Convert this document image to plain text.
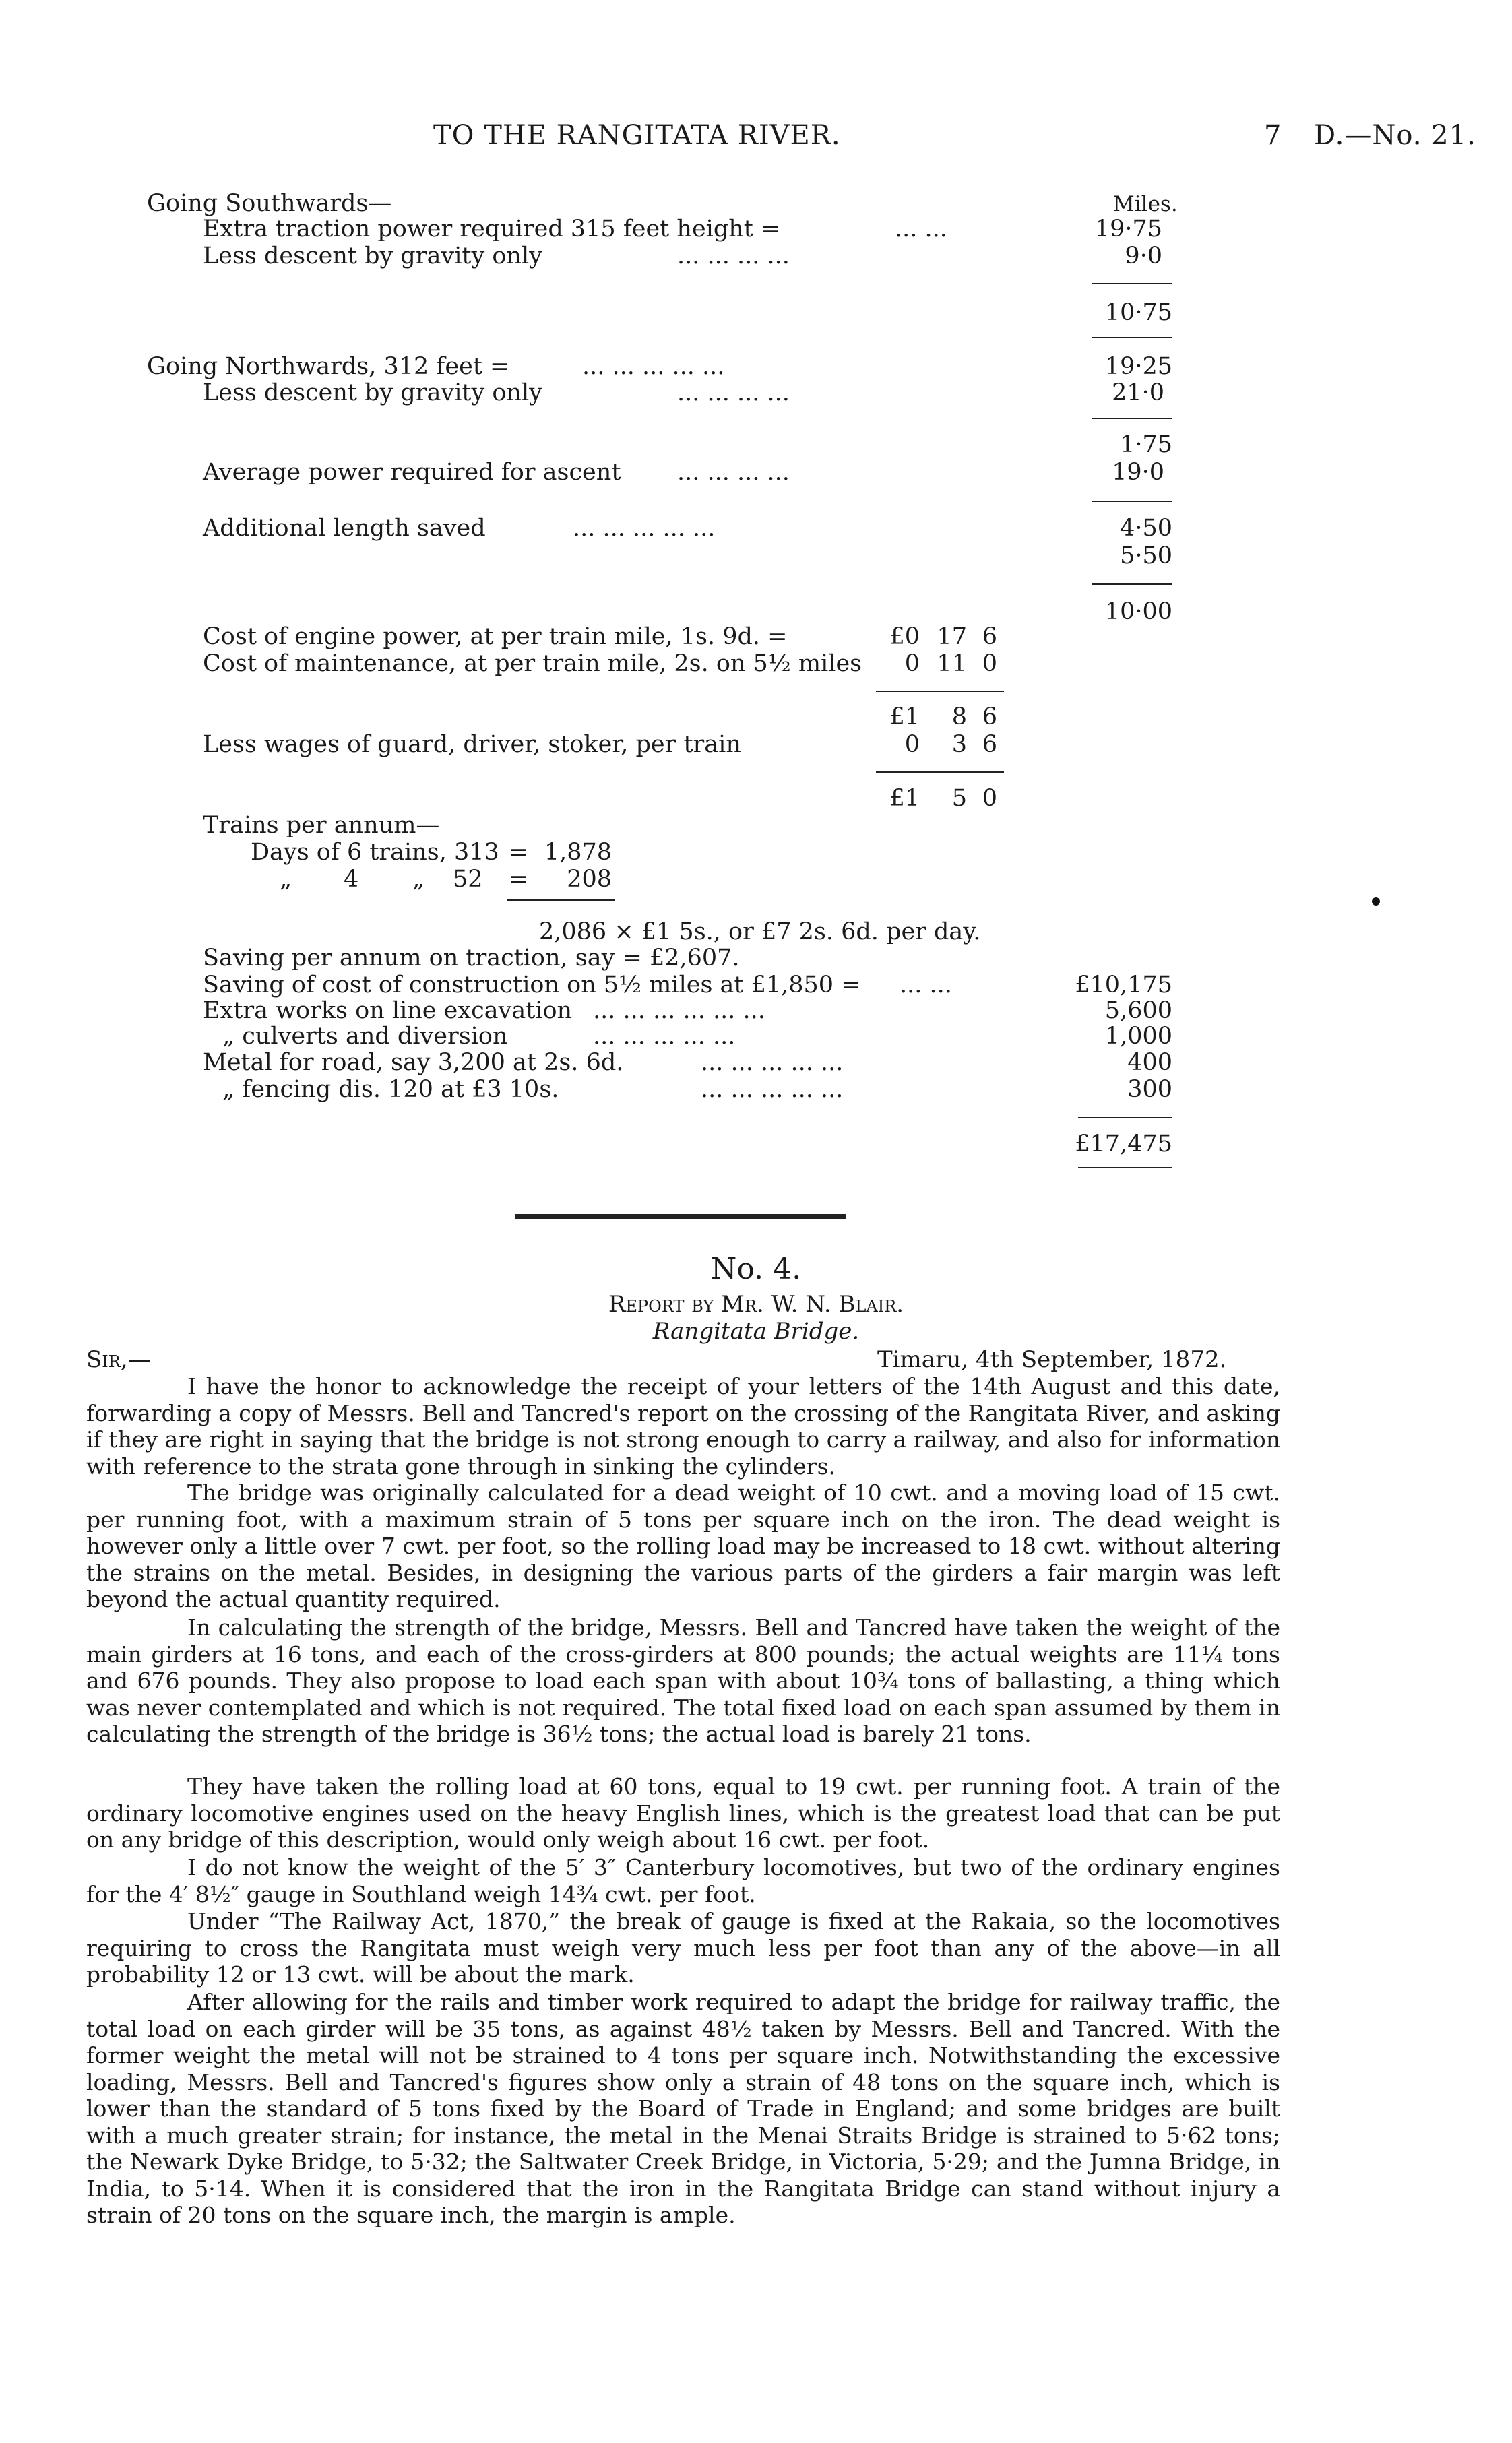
TO THE RANGITATA RIVER.	7 D.—No. 21.
Going Southwards—	Miles.
Extra traction power required 315 feet height =	... ...	19·75
Less descent by gravity only	... ... ... ...	9·0
10·75
Going Northwards, 312 feet =	... ... ... ... ...	19·25
Less descent by gravity only	... ... ... ...	21·0
1·75
Average power required for ascent ... ... ... ...	19·0
Additional length saved	... ... ... ... ...	4·50
5·50
10·00
Cost of engine power, at per train mile, 1s. 9d. =	£0 17 6
Cost of maintenance, at per train mile, 2s. on 5½ miles	0 11 0
£1	8 6
Less wages of guard, driver, stoker, per train	0	3 6
£1	5 0
Trains per annum—
Days of 6 trains, 313 = 1,878
„ 4 „ 52 =	208
2,086 × £1 5s., or £7 2s. 6d. per day.
Saving per annum on traction, say = £2,607.
Saving of cost of construction on 5½ miles at £1,850 = ... ...	£10,175
Extra works on line excavation ... ... ... ... ... ...	5,600
„ culverts and diversion	... ... ... ... ...	1,000
Metal for road, say 3,200 at 2s. 6d.	... ... ... ... ...	400
„ fencing dis. 120 at £3 10s.	... ... ... ... ...	300
£17,475
No. 4.
Report by Mr. W. N. Blair.
Rangitata Bridge.
Sir,—	Timaru, 4th September, 1872.
I have the honor to acknowledge the receipt of your letters of the 14th August and this date, forwarding a copy of Messrs. Bell and Tancred's report on the crossing of the Rangitata River, and asking if they are right in saying that the bridge is not strong enough to carry a railway, and also for information with reference to the strata gone through in sinking the cylinders.
The bridge was originally calculated for a dead weight of 10 cwt. and a moving load of 15 cwt. per running foot, with a maximum strain of 5 tons per square inch on the iron. The dead weight is however only a little over 7 cwt. per foot, so the rolling load may be increased to 18 cwt. without altering the strains on the metal. Besides, in designing the various parts of the girders a fair margin was left beyond the actual quantity required.
In calculating the strength of the bridge, Messrs. Bell and Tancred have taken the weight of the main girders at 16 tons, and each of the cross-girders at 800 pounds; the actual weights are 11¼ tons and 676 pounds. They also propose to load each span with about 10¾ tons of ballasting, a thing which was never contemplated and which is not required. The total fixed load on each span assumed by them in calculating the strength of the bridge is 36½ tons; the actual load is barely 21 tons.
They have taken the rolling load at 60 tons, equal to 19 cwt. per running foot. A train of the ordinary locomotive engines used on the heavy English lines, which is the greatest load that can be put on any bridge of this description, would only weigh about 16 cwt. per foot.
I do not know the weight of the 5′ 3″ Canterbury locomotives, but two of the ordinary engines for the 4′ 8½″ gauge in Southland weigh 14¾ cwt. per foot.
Under “The Railway Act, 1870,” the break of gauge is fixed at the Rakaia, so the locomotives requiring to cross the Rangitata must weigh very much less per foot than any of the above—in all probability 12 or 13 cwt. will be about the mark.
After allowing for the rails and timber work required to adapt the bridge for railway traffic, the total load on each girder will be 35 tons, as against 48½ taken by Messrs. Bell and Tancred. With the former weight the metal will not be strained to 4 tons per square inch. Notwithstanding the excessive loading, Messrs. Bell and Tancred's figures show only a strain of 48 tons on the square inch, which is lower than the standard of 5 tons fixed by the Board of Trade in England; and some bridges are built with a much greater strain; for instance, the metal in the Menai Straits Bridge is strained to 5·62 tons; the Newark Dyke Bridge, to 5·32; the Saltwater Creek Bridge, in Victoria, 5·29; and the Jumna Bridge, in India, to 5·14. When it is considered that the iron in the Rangitata Bridge can stand without injury a strain of 20 tons on the square inch, the margin is ample.
